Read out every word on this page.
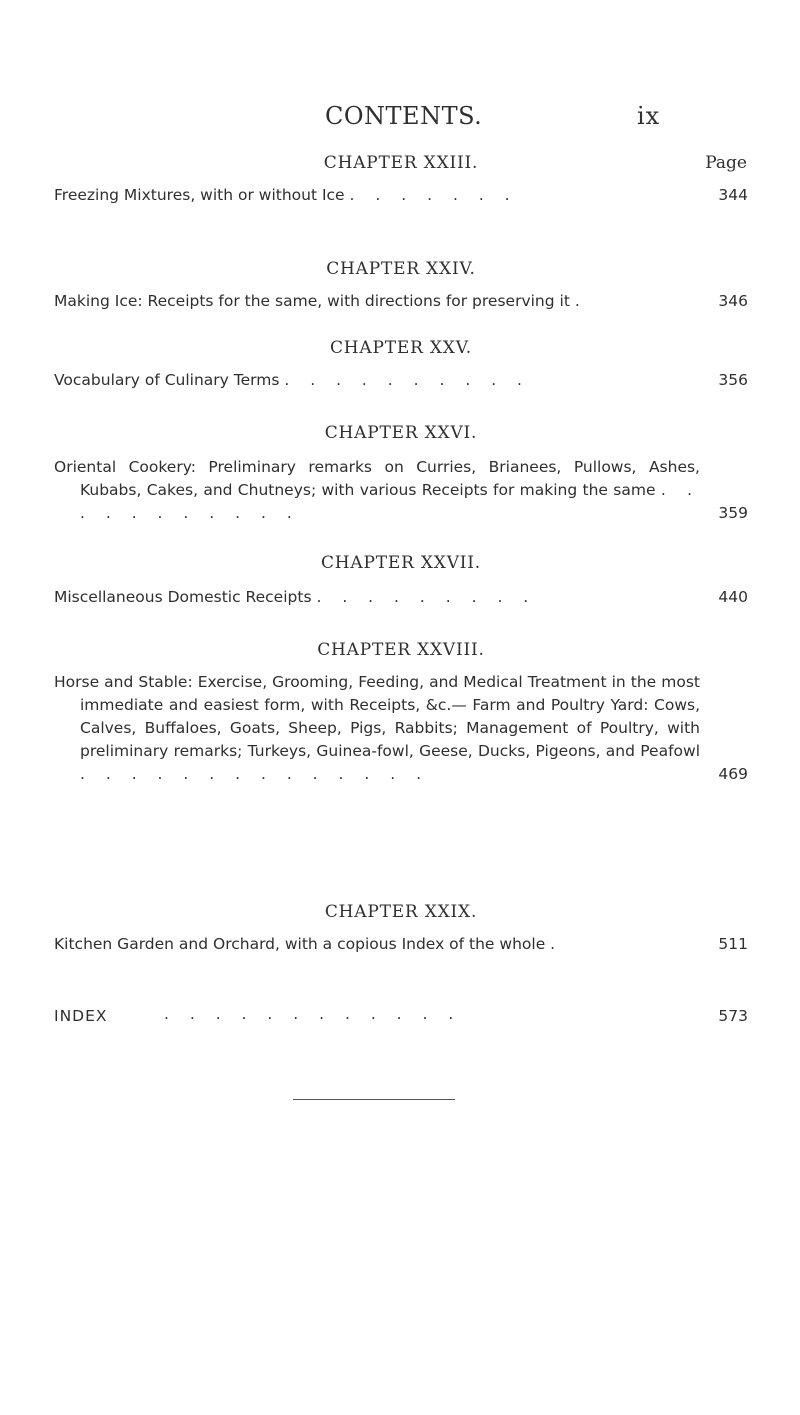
CONTENTS.	ix
CHAPTER XXIII.	Page
Freezing Mixtures, with or without Ice . . . . . . .	344
CHAPTER XXIV.
Making Ice: Receipts for the same, with directions for preserving it .	346
CHAPTER XXV.
Vocabulary of Culinary Terms . . . . . . . . . .	356
CHAPTER XXVI.
Oriental Cookery: Preliminary remarks on Curries, Brianees, Pullows, Ashes, Kubabs, Cakes, and Chutneys; with various Receipts for making the same . . . . . . . . . . .	359
CHAPTER XXVII.
Miscellaneous Domestic Receipts . . . . . . . . .	440
CHAPTER XXVIII.
Horse and Stable: Exercise, Grooming, Feeding, and Medical Treatment in the most immediate and easiest form, with Receipts, &c.— Farm and Poultry Yard: Cows, Calves, Buffaloes, Goats, Sheep, Pigs, Rabbits; Management of Poultry, with preliminary remarks; Turkeys, Guinea-fowl, Geese, Ducks, Pigeons, and Peafowl . . . . . . . . . . . . . .	469
CHAPTER XXIX.
Kitchen Garden and Orchard, with a copious Index of the whole .	511
INDEX	. . . . . . . . . . . .	573
